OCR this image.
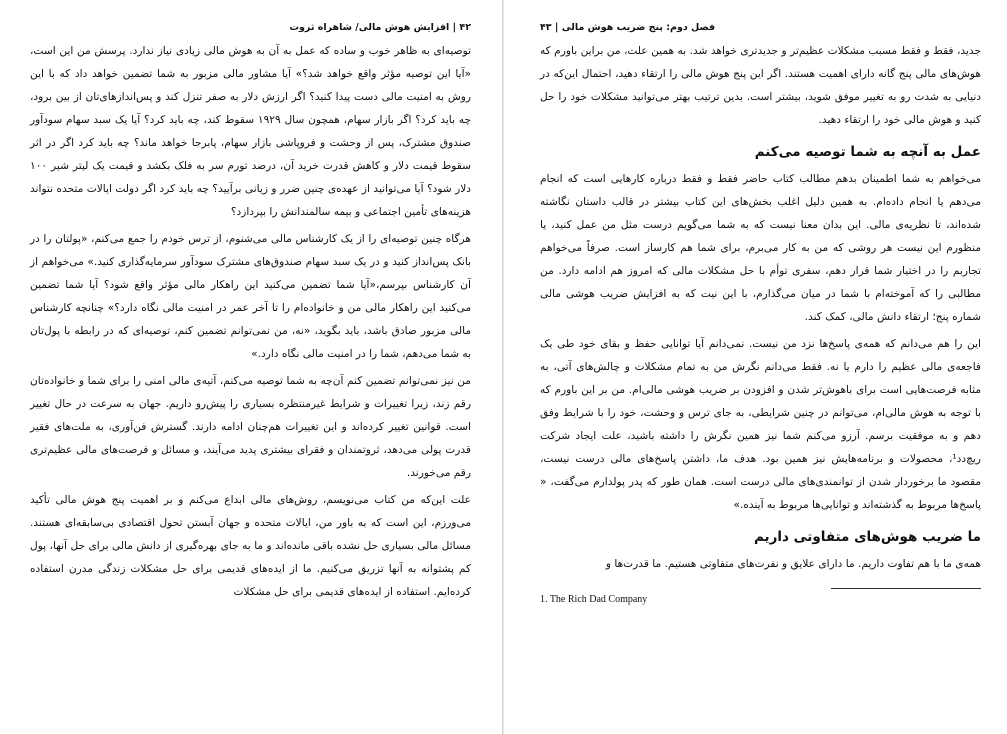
۴۲ | افزایش هوش مالی/ شاهراه ثروت

توصیه‌ای به ظاهر خوب و ساده که عمل به آن به هوش مالی زیادی نیاز ندارد. پرسش من این است، «آیا این توصیه مؤثر واقع خواهد شد؟» آیا مشاور مالی مزبور به شما تضمین خواهد داد که با این روش به امنیت مالی دست پیدا کنید؟ اگر ارزش دلار به صفر تنزل کند و پس‌اندازهای‌تان از بین برود، چه باید کرد؟ اگر بازار سهام، همچون سال ۱۹۲۹ سقوط کند، چه باید کرد؟ آیا یک سبد سهام سودآور صندوق مشترک، پس از وحشت و فروپاشی بازار سهام، پابرجا خواهد ماند؟ چه باید کرد اگر در اثر سقوط قیمت دلار و کاهش قدرت خرید آن، درصد تورم سر به فلک بکشد و قیمت یک لیتر شیر ۱۰۰ دلار شود؟ آیا می‌توانید از عهده‌ی چنین ضرر و زیانی برآیید؟ چه باید کرد اگر دولت ایالات متحده نتواند هزینه‌های تأمین اجتماعی و بیمه سالمندانش را بپردازد؟

هرگاه چنین توصیه‌ای را از یک کارشناس مالی می‌شنوم، از ترس خودم را جمع می‌کنم، «پولتان را در بانک پس‌انداز کنید و در یک سبد سهام صندوق‌های مشترک سودآور سرمایه‌گذاری کنید.» می‌خواهم از آن کارشناس بپرسم،«آیا شما تضمین می‌کنید این راهکار مالی مؤثر واقع شود؟ آیا شما تضمین می‌کنید این راهکار مالی من و خانواده‌ام را تا آخر عمر در امنیت مالی نگاه دارد؟» چنانچه کارشناس مالی مزبور صادق باشد، باید بگوید، «نه، من نمی‌توانم تضمین کنم، توصیه‌ای که در رابطه با پول‌تان به شما می‌دهم، شما را در امنیت مالی نگاه دارد.»

من نیز نمی‌توانم تضمین کنم آن‌چه به شما توصیه می‌کنم، آتیه‌ی مالی امنی را برای شما و خانواده‌تان رقم زند، زیرا تغییرات و شرایط غیرمنتظره بسیاری را پیش‌رو داریم. جهان به سرعت در حال تغییر است. قوانین تغییر کرده‌اند و این تغییرات هم‌چنان ادامه دارند. گسترش فن‌آوری، به ملت‌های فقیر قدرت پولی می‌دهد، ثروتمندان و فقرای بیشتری پدید می‌آیند، و مسائل و فرصت‌های مالی عظیم‌تری رقم می‌خورند.

علت این‌که من کتاب می‌نویسم، روش‌های مالی ابداع می‌کنم و بر اهمیت پنج هوش مالی تأکید می‌ورزم، این است که به باور من، ایالات متحده و جهان آبستن تحول اقتصادی بی‌سابقه‌ای هستند. مسائل مالی بسیاری حل نشده باقی مانده‌اند و ما به جای بهره‌گیری از دانش مالی برای حل آنها، پول کم پشتوانه به آنها تزریق می‌کنیم. ما از ایده‌های قدیمی برای حل مشکلات زندگی مدرن استفاده کرده‌ایم. استفاده از ایده‌های قدیمی برای حل مشکلات

فصل دوم: پنج ضریب هوش مالی | ۴۳

جدید، فقط و فقط مسبب مشکلات عظیم‌تر و جدیدتری خواهد شد. به همین علت، من براین باورم که هوش‌های مالی پنج گانه دارای اهمیت هستند. اگر این پنج هوش مالی را ارتقاء دهید، احتمال این‌که در دنیایی به شدت رو به تغییر موفق شوید، بیشتر است. بدین ترتیب بهتر می‌توانید مشکلات خود را حل کنید و هوش مالی خود را ارتقاء دهید.

عمل به آنچه به شما توصیه می‌کنم

می‌خواهم به شما اطمینان بدهم مطالب کتاب حاضر فقط و فقط درباره کارهایی است که انجام می‌دهم یا انجام داده‌ام. به همین دلیل اغلب بخش‌های این کتاب بیشتر در قالب داستان نگاشته شده‌اند، تا نظریه‌ی مالی. این بدان معنا نیست که به شما می‌گویم درست مثل من عمل کنید، یا منظورم این نیست هر روشی که من به کار می‌برم، برای شما هم کارساز است. صرفاً می‌خواهم تجاربم را در اختیار شما قرار دهم، سفری توأم با حل مشکلات مالی که امروز هم ادامه دارد. من مطالبی را که آموخته‌ام با شما در میان می‌گذارم، با این نیت که به افزایش ضریب هوشی مالی شماره پنج؛ ارتقاء دانش مالی، کمک کند.

این را هم می‌دانم که همه‌ی پاسخ‌ها نزد من نیست. نمی‌دانم آیا توانایی حفظ و بقای خود طی یک فاجعه‌ی مالی عظیم را دارم یا نه. فقط می‌دانم نگرش من به تمام مشکلات و چالش‌های آتی، به مثابه فرصت‌هایی است برای باهوش‌تر شدن و افزودن بر ضریب هوشی مالی‌ام. من بر این باورم که با توجه به هوش مالی‌ام، می‌توانم در چنین شرایطی، به جای ترس و وحشت، خود را با شرایط وفق دهم و به موفقیت برسم. آرزو می‌کنم شما نیز همین نگرش را داشته باشید، علت ایجاد شرکت ریچ‌دد¹، محصولات و برنامه‌هایش نیز همین بود. هدف ما، داشتن پاسخ‌های مالی درست نیست، مقصود ما برخوردار شدن از توانمندی‌های مالی درست است. همان طور که پدر پولدارم می‌گفت، « پاسخ‌ها مربوط به گذشته‌اند و توانایی‌ها مربوط به آینده.»

ما ضریب هوش‌های متفاوتی داریم

همه‌ی ما با هم تفاوت داریم. ما دارای علایق و نفرت‌های متفاوتی هستیم. ما قدرت‌ها و

1. The Rich Dad Company
